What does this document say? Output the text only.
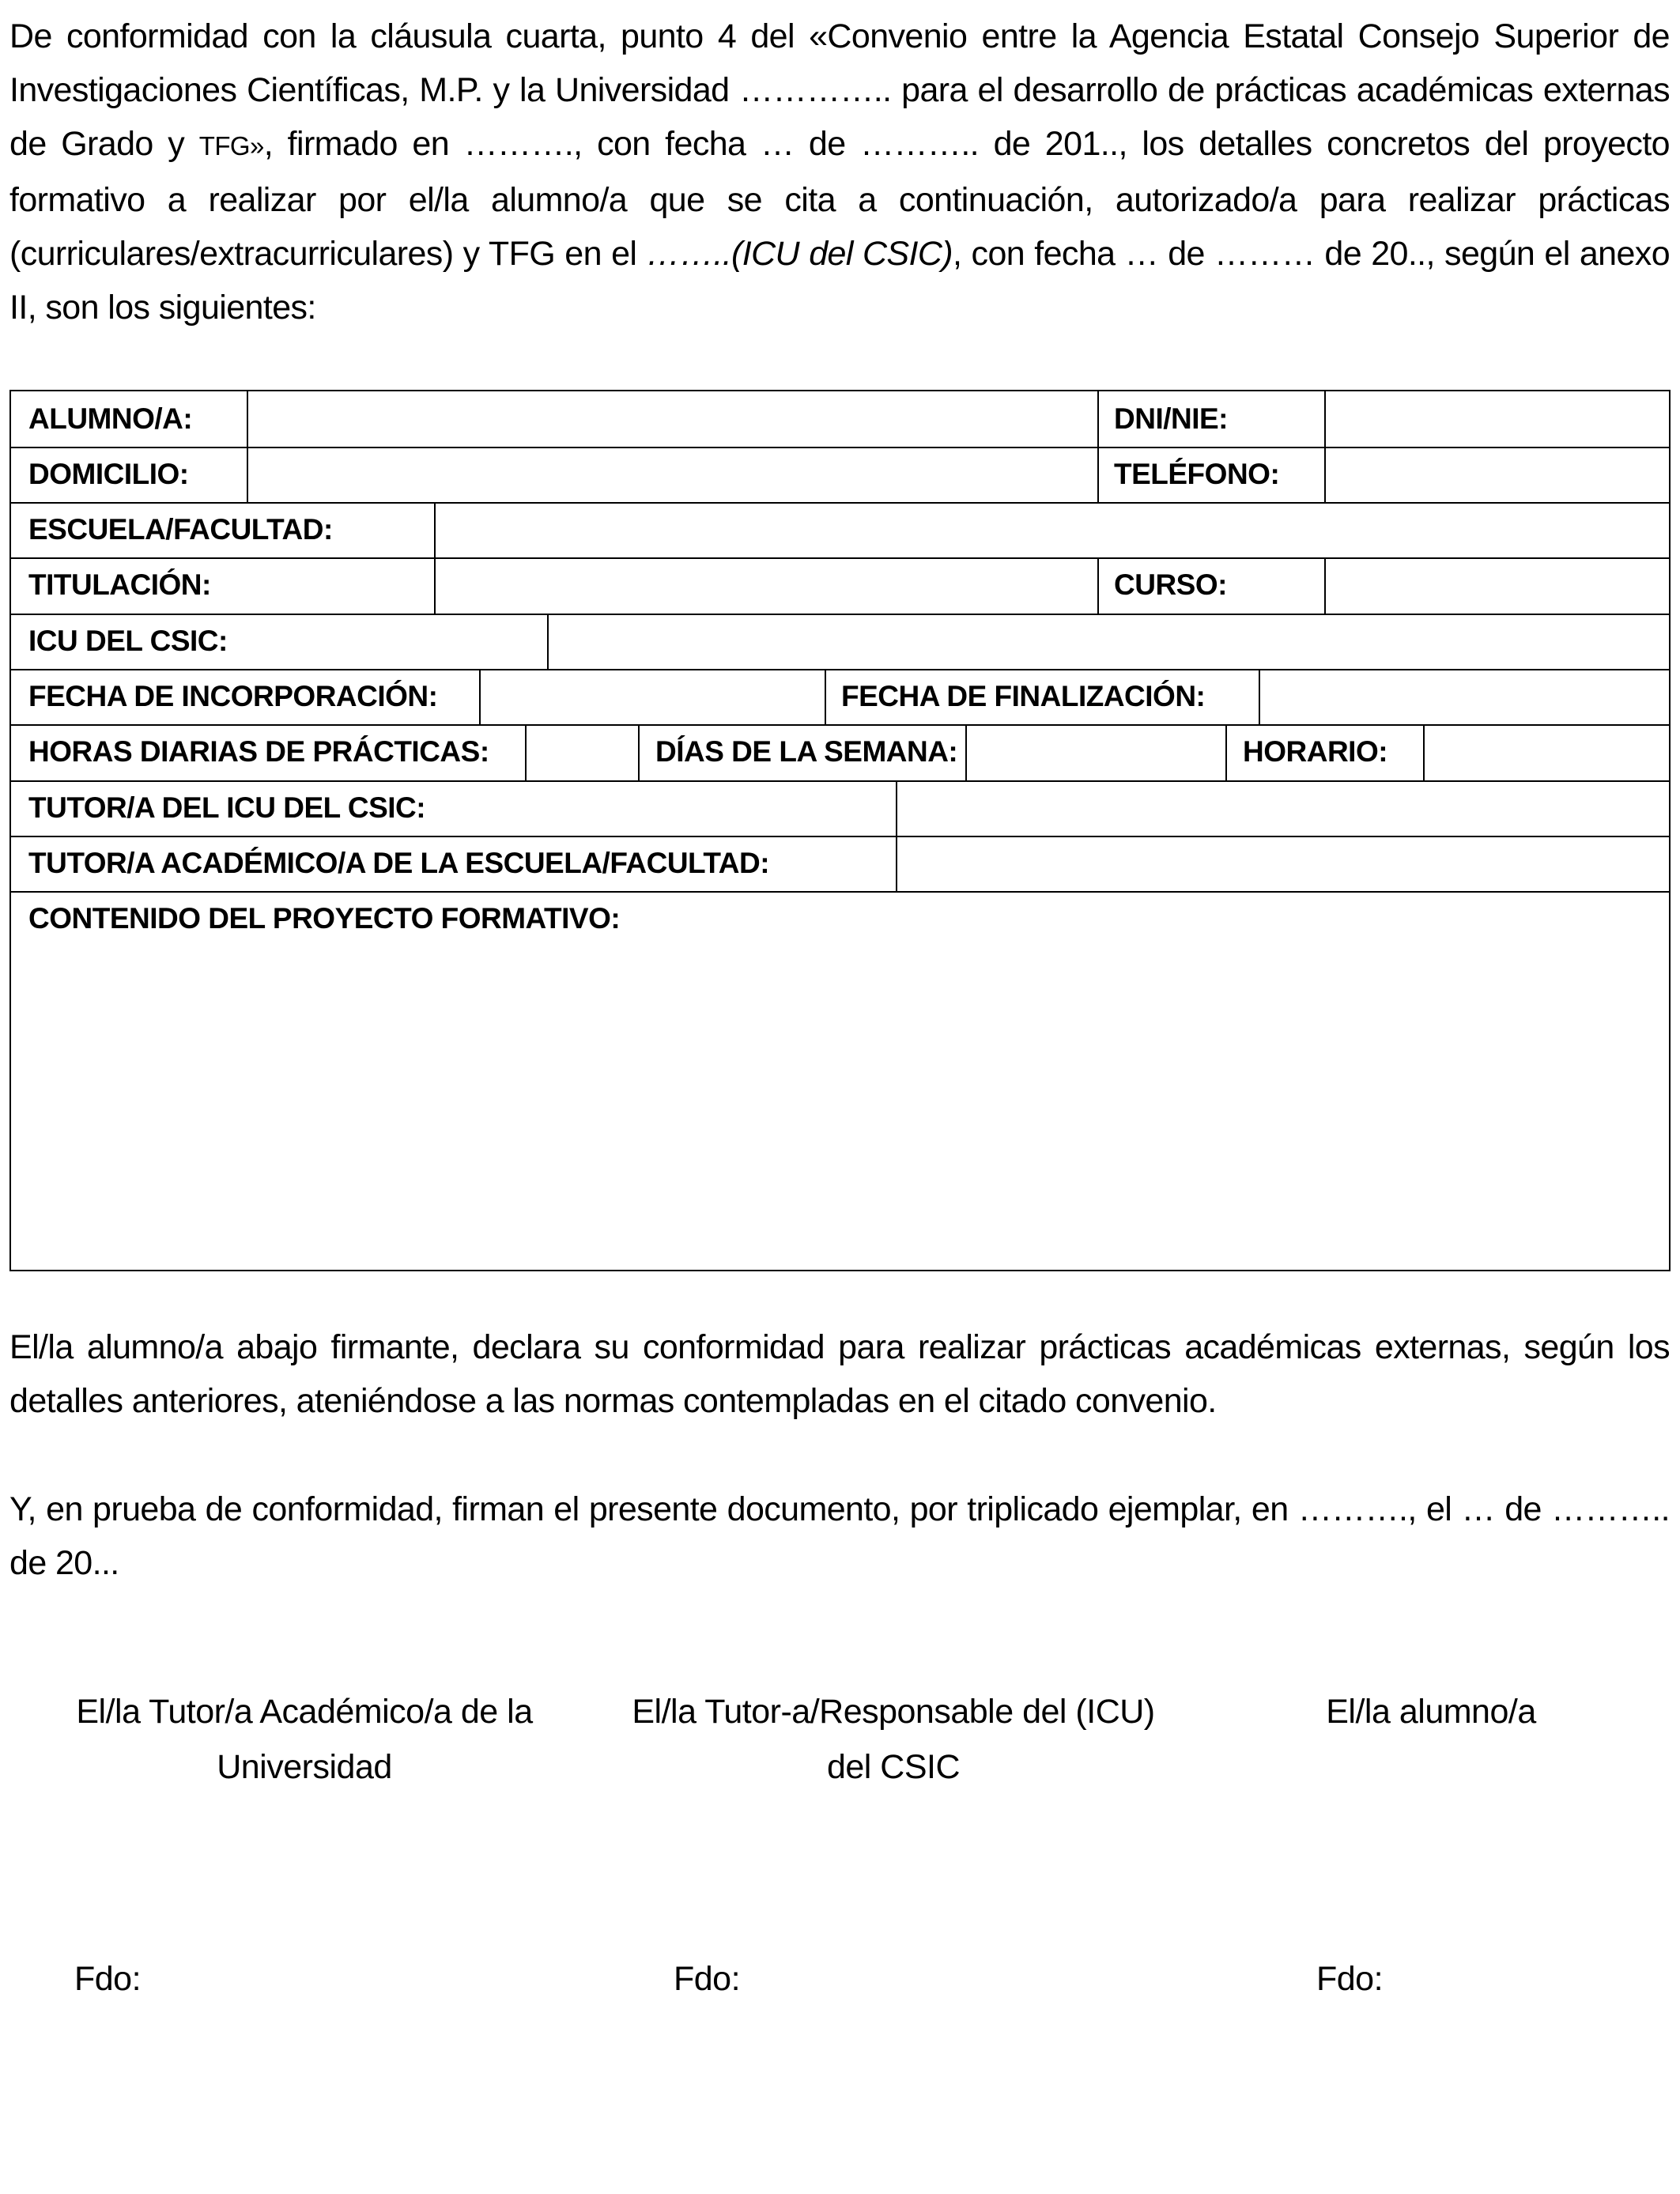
De conformidad con la cláusula cuarta, punto 4 del «Convenio entre la Agencia Estatal Consejo Superior de Investigaciones Científicas, M.P. y la Universidad ………….. para el desarrollo de prácticas académicas externas de Grado y TFG», firmado en ………., con fecha … de ……….. de 201.., los detalles concretos del proyecto formativo a realizar por el/la alumno/a que se cita a continuación, autorizado/a para realizar prácticas (curriculares/extracurriculares) y TFG en el ……..(ICU del CSIC), con fecha … de ……… de 20.., según el anexo II, son los siguientes:
ALUMNO/A:	DNI/NIE:
DOMICILIO:	TELÉFONO:
ESCUELA/FACULTAD:
TITULACIÓN:	CURSO:
ICU DEL CSIC:
FECHA DE INCORPORACIÓN:	FECHA DE FINALIZACIÓN:
HORAS DIARIAS DE PRÁCTICAS:	DÍAS DE LA SEMANA:	HORARIO:
TUTOR/A DEL ICU DEL CSIC:
TUTOR/A ACADÉMICO/A DE LA ESCUELA/FACULTAD:
CONTENIDO DEL PROYECTO FORMATIVO:
El/la alumno/a abajo firmante, declara su conformidad para realizar prácticas académicas externas, según los detalles anteriores, ateniéndose a las normas contempladas en el citado convenio.
Y, en prueba de conformidad, firman el presente documento, por triplicado ejemplar, en ………., el … de ……….. de 20...
El/la Tutor/a Académico/a de la
Universidad
El/la Tutor-a/Responsable del (ICU)
del CSIC
El/la alumno/a
Fdo:	Fdo:	Fdo:
